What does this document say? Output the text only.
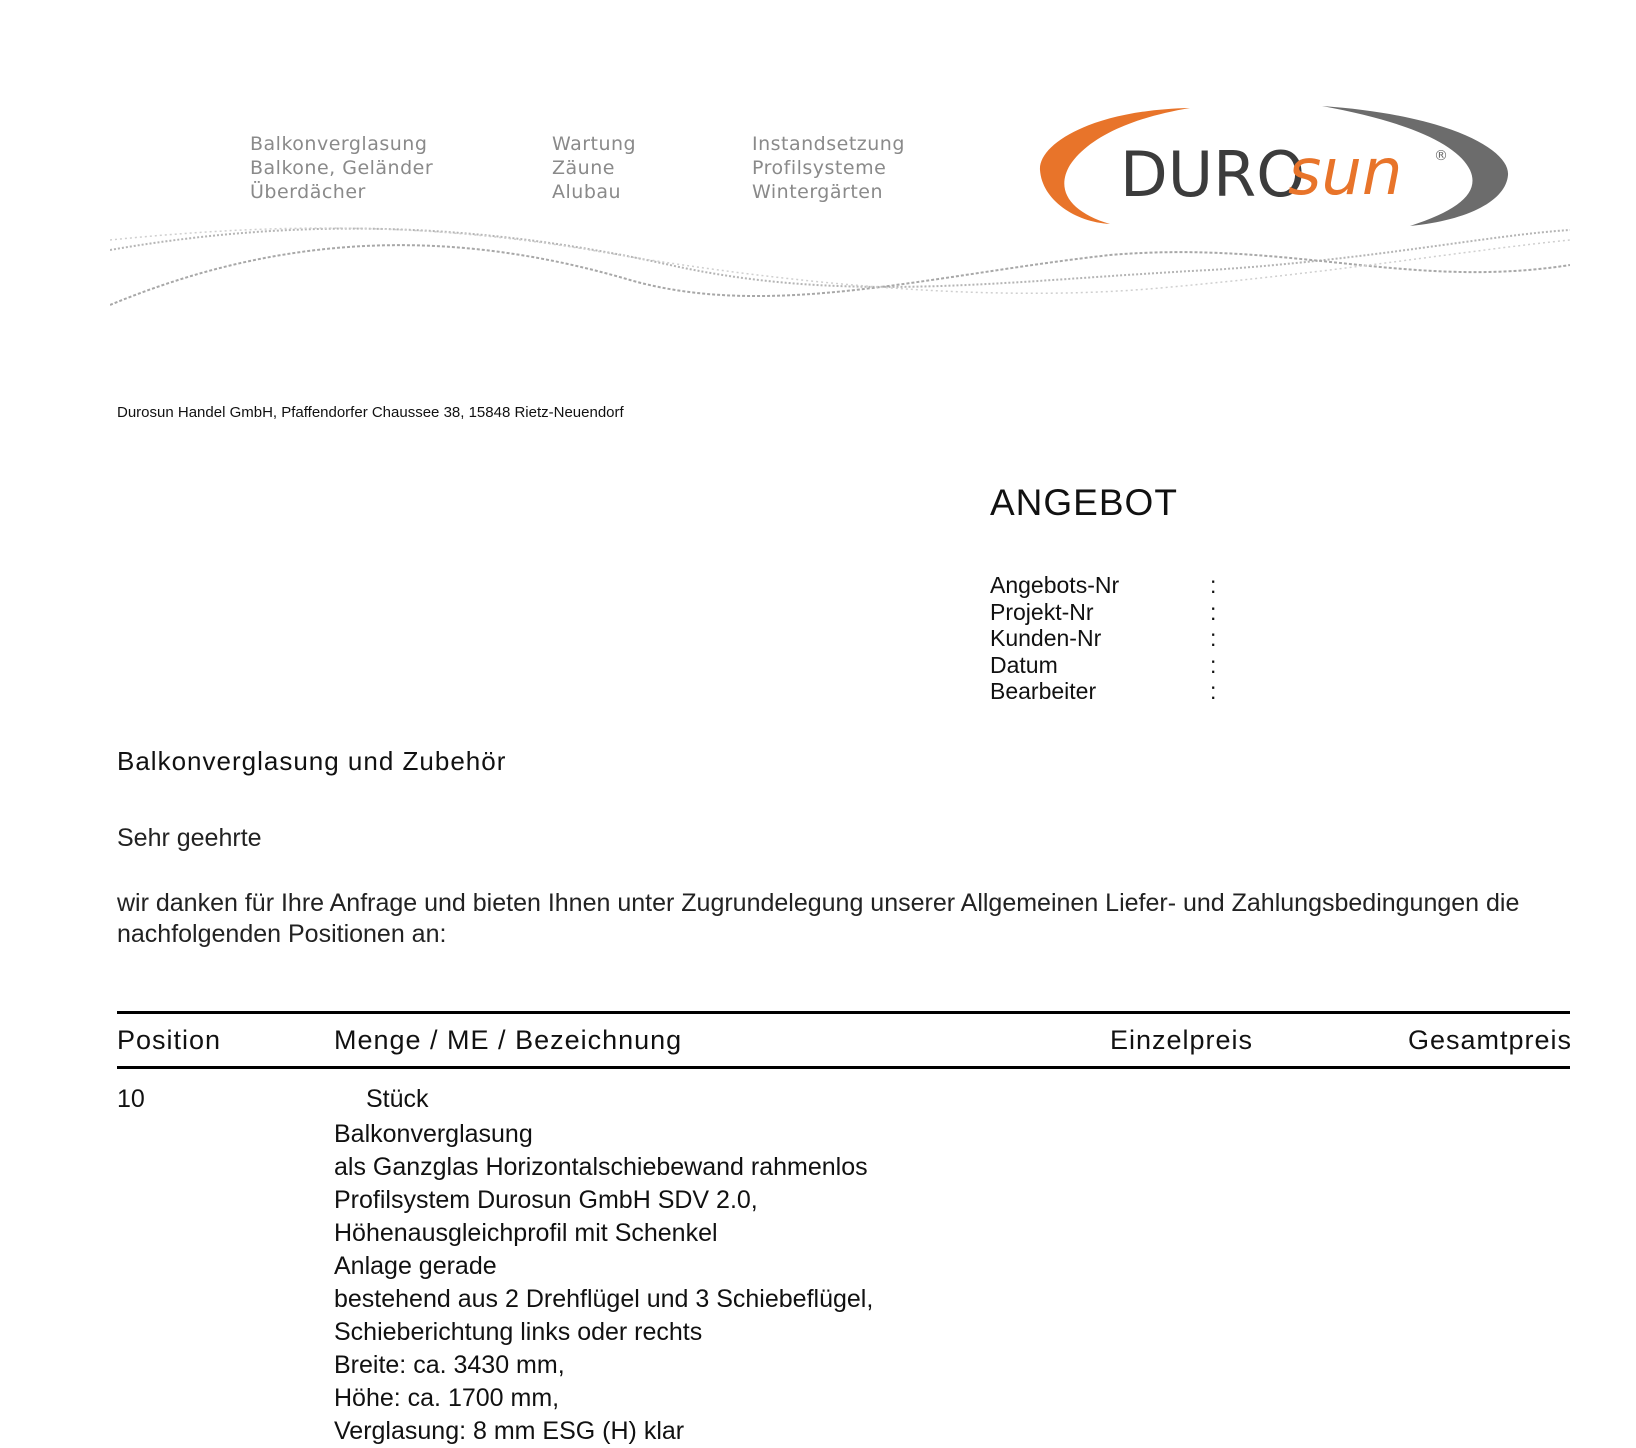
Balkonverglasung
Balkone, Geländer
Überdächer
Wartung
Zäune
Alubau
Instandsetzung
Profilsysteme
Wintergärten	DURO
sun ®
Durosun Handel GmbH, Pfaffendorfer Chaussee 38, 15848 Rietz-Neuendorf
ANGEBOT
Angebots-Nr	:
Projekt-Nr	:
Kunden-Nr	:
Datum	:
Bearbeiter	:
Balkonverglasung und Zubehör
Sehr geehrte
wir danken für Ihre Anfrage und bieten Ihnen unter Zugrundelegung unserer Allgemeinen Liefer- und Zahlungsbedingungen die nachfolgenden Positionen an:
Position	Menge / ME / Bezeichnung	Einzelpreis	Gesamtpreis
10	Stück
Balkonverglasung
als Ganzglas Horizontalschiebewand rahmenlos
Profilsystem Durosun GmbH SDV 2.0,
Höhenausgleichprofil mit Schenkel
Anlage gerade
bestehend aus 2 Drehflügel und 3 Schiebeflügel,
Schieberichtung links oder rechts
Breite: ca. 3430 mm,
Höhe: ca. 1700 mm,
Verglasung: 8 mm ESG (H) klar
